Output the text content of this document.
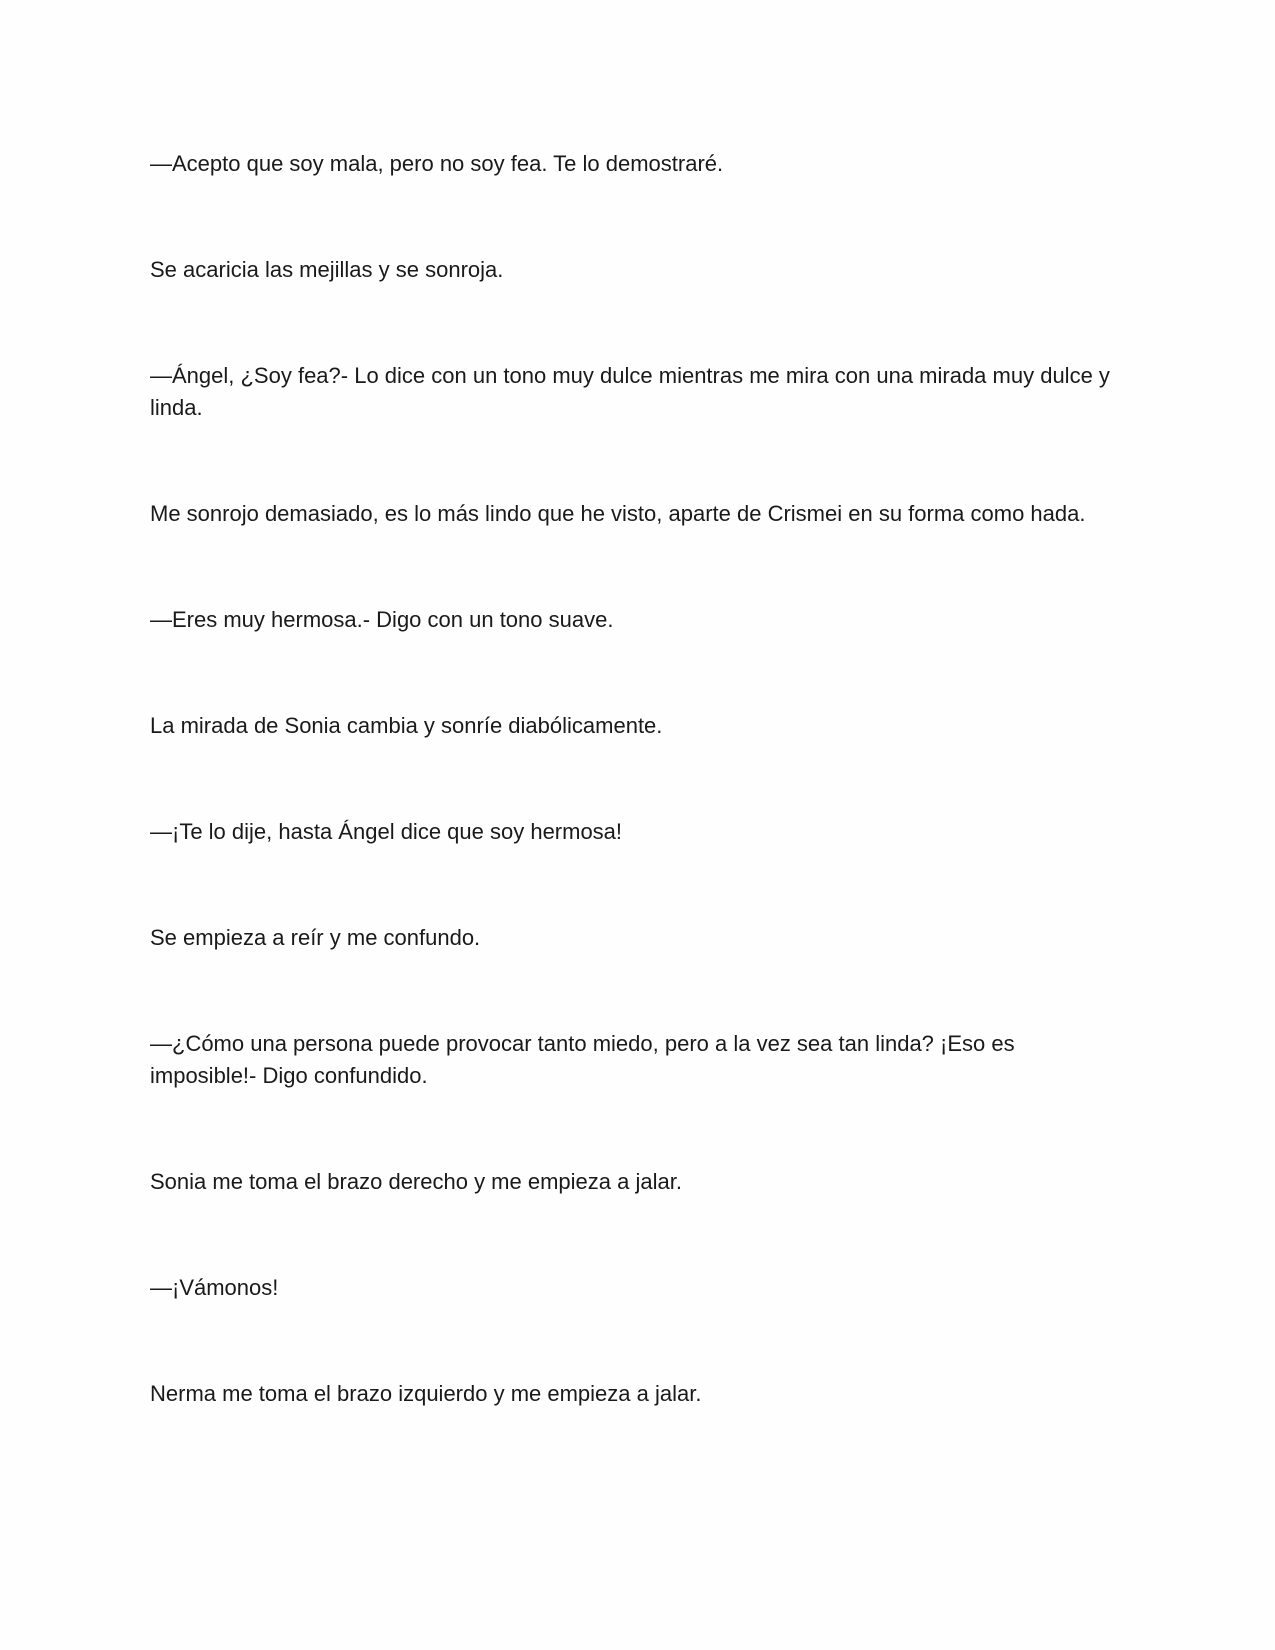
—Acepto que soy mala, pero no soy fea. Te lo demostraré.

Se acaricia las mejillas y se sonroja.

—Ángel, ¿Soy fea?- Lo dice con un tono muy dulce mientras me mira con una mirada muy dulce y linda.

Me sonrojo demasiado, es lo más lindo que he visto, aparte de Crismei en su forma como hada.

—Eres muy hermosa.- Digo con un tono suave.

La mirada de Sonia cambia y sonríe diabólicamente.

—¡Te lo dije, hasta Ángel dice que soy hermosa!

Se empieza a reír y me confundo.

—¿Cómo una persona puede provocar tanto miedo, pero a la vez sea tan linda? ¡Eso es imposible!- Digo confundido.

Sonia me toma el brazo derecho y me empieza a jalar.

—¡Vámonos!

Nerma me toma el brazo izquierdo y me empieza a jalar.
